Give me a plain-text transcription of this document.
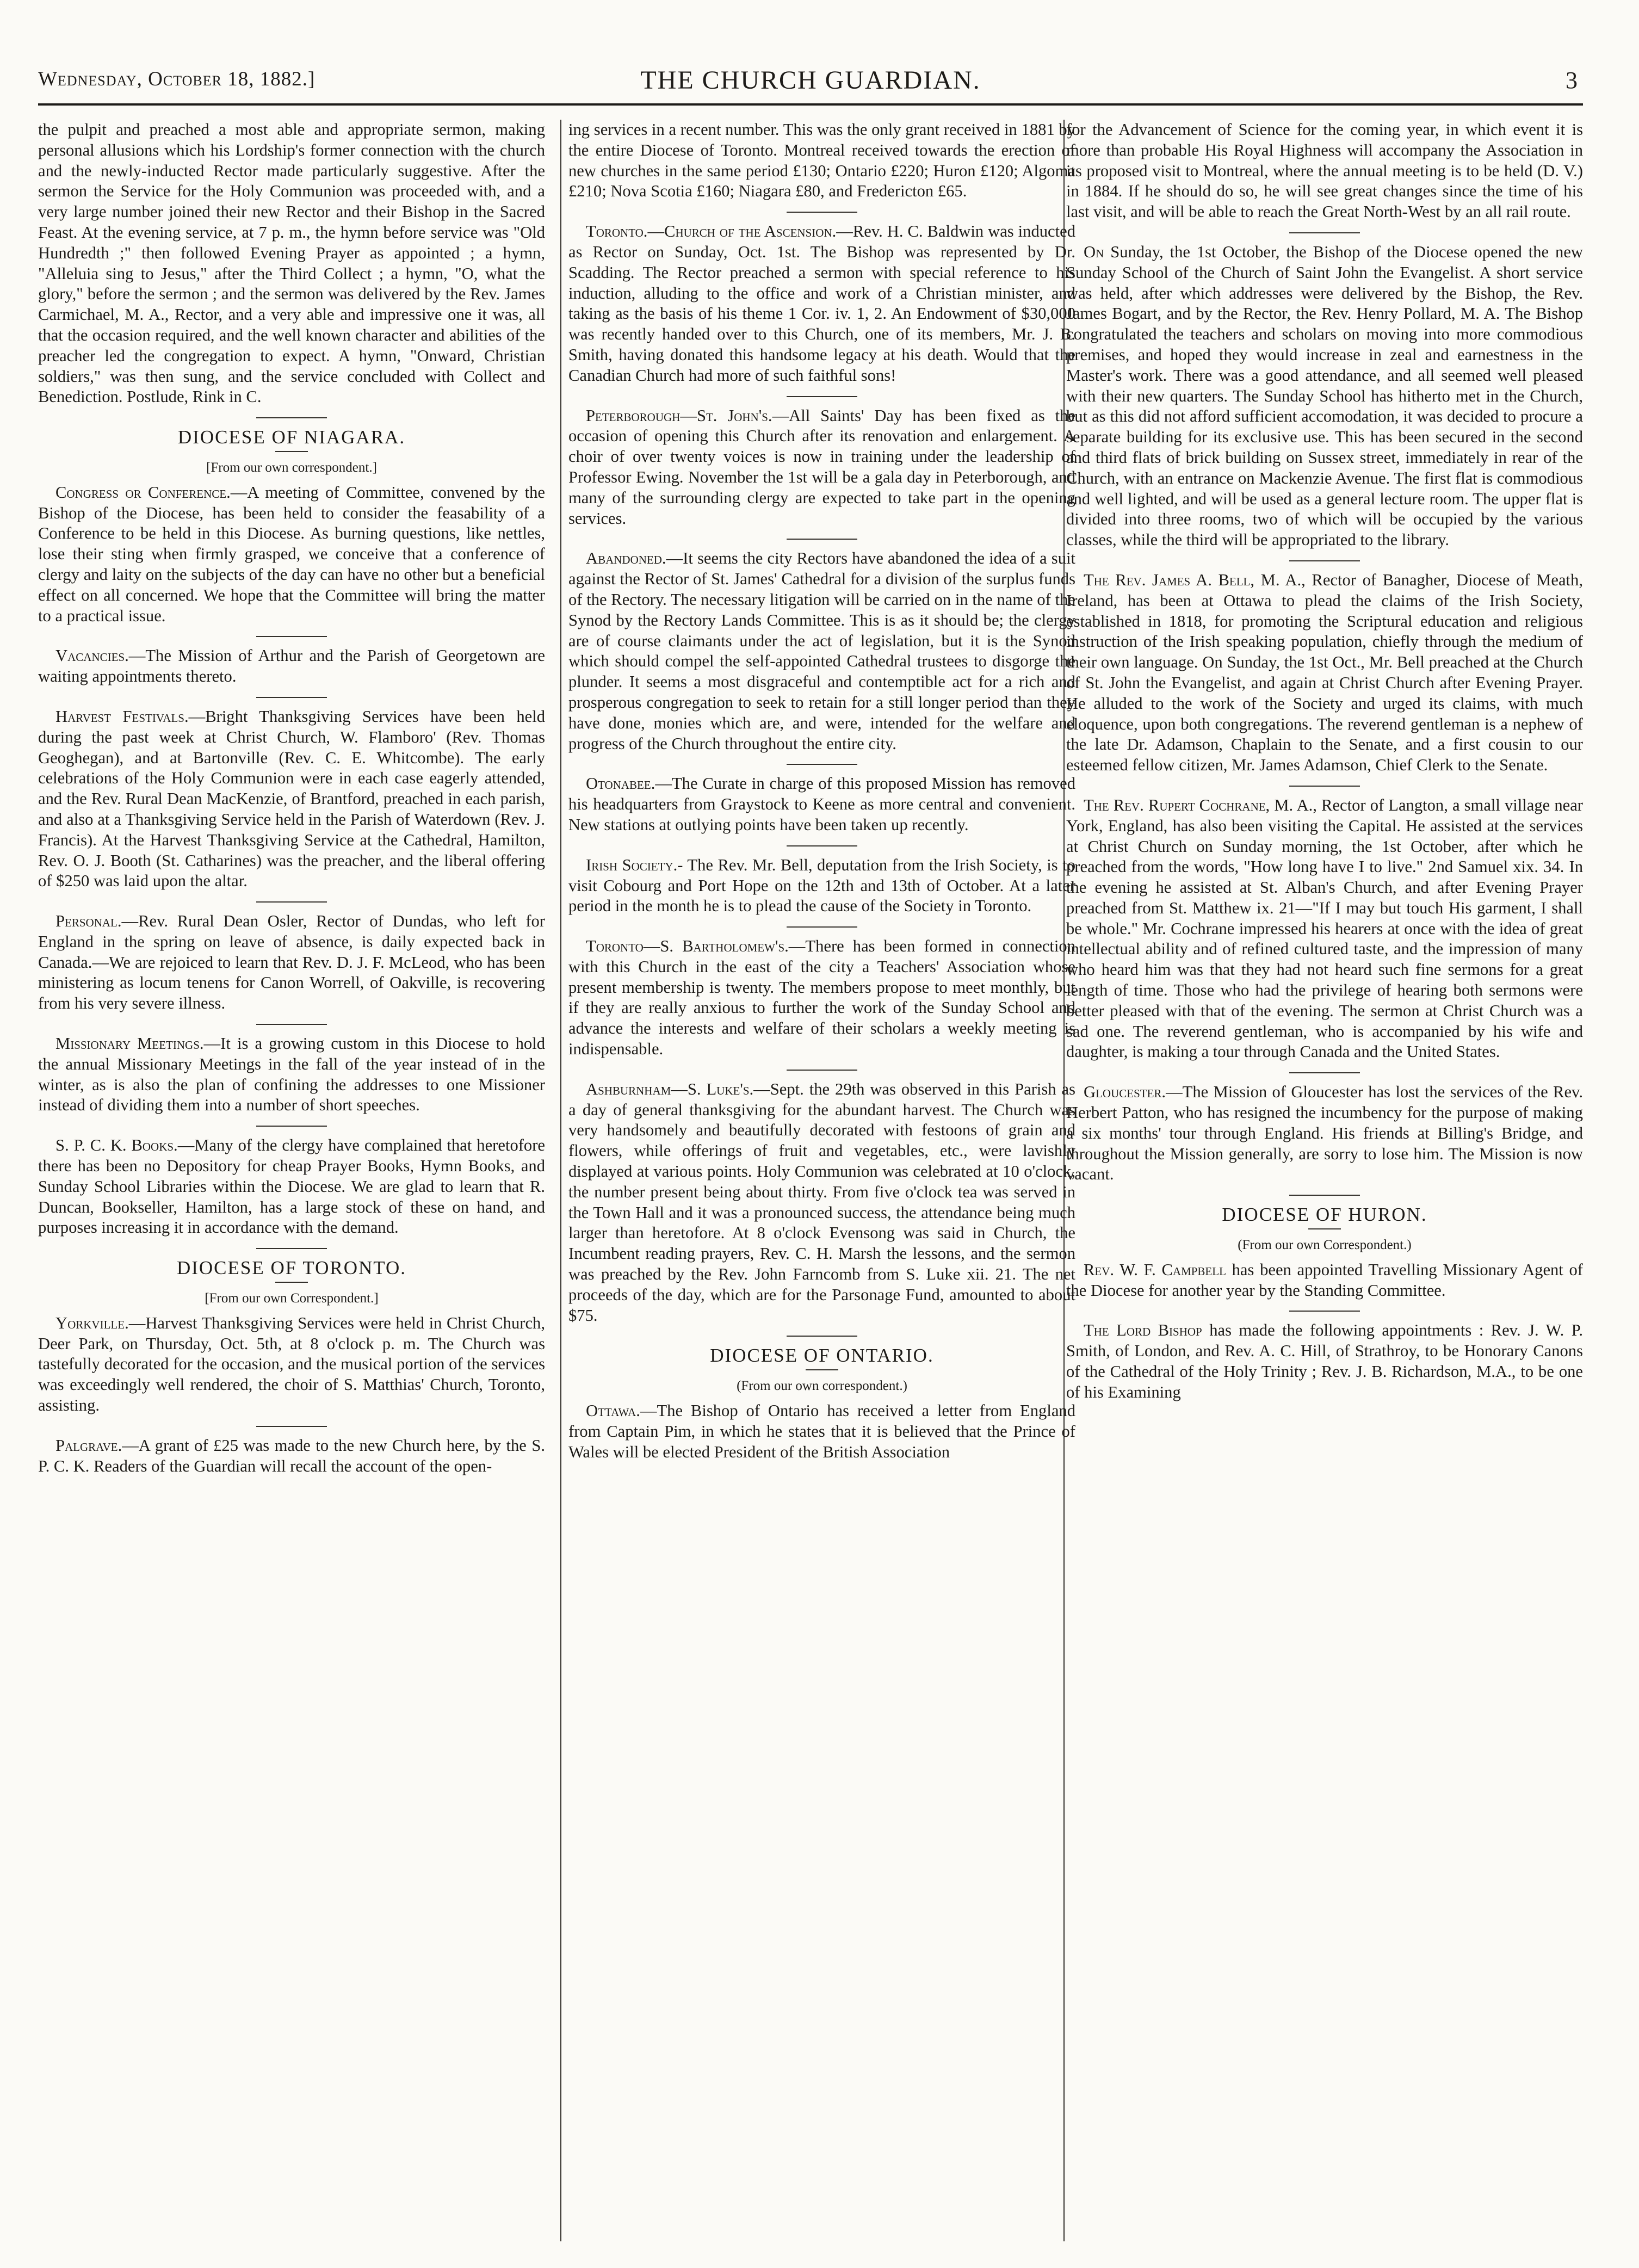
Wednesday, October 18, 1882.]	THE CHURCH GUARDIAN.	3

the pulpit and preached a most able and appropriate sermon, making personal allusions which his Lordship's former connection with the church and the newly-inducted Rector made particularly suggestive. After the sermon the Service for the Holy Communion was proceeded with, and a very large number joined their new Rector and their Bishop in the Sacred Feast. At the evening service, at 7 p. m., the hymn before service was "Old Hundredth ;" then followed Evening Prayer as appointed ; a hymn, "Alleluia sing to Jesus," after the Third Collect ; a hymn, "O, what the glory," before the sermon ; and the sermon was delivered by the Rev. James Carmichael, M. A., Rector, and a very able and impressive one it was, all that the occasion required, and the well known character and abilities of the preacher led the congregation to expect. A hymn, "Onward, Christian soldiers," was then sung, and the service concluded with Collect and Benediction. Postlude, Rink in C.

DIOCESE OF NIAGARA.

[From our own correspondent.]

Congress or Conference.—A meeting of Committee, convened by the Bishop of the Diocese, has been held to consider the feasability of a Conference to be held in this Diocese. As burning questions, like nettles, lose their sting when firmly grasped, we conceive that a conference of clergy and laity on the subjects of the day can have no other but a beneficial effect on all concerned. We hope that the Committee will bring the matter to a practical issue.

Vacancies.—The Mission of Arthur and the Parish of Georgetown are waiting appointments thereto.

Harvest Festivals.—Bright Thanksgiving Services have been held during the past week at Christ Church, W. Flamboro' (Rev. Thomas Geoghegan), and at Bartonville (Rev. C. E. Whitcombe). The early celebrations of the Holy Communion were in each case eagerly attended, and the Rev. Rural Dean MacKenzie, of Brantford, preached in each parish, and also at a Thanksgiving Service held in the Parish of Waterdown (Rev. J. Francis). At the Harvest Thanksgiving Service at the Cathedral, Hamilton, Rev. O. J. Booth (St. Catharines) was the preacher, and the liberal offering of $250 was laid upon the altar.

Personal.—Rev. Rural Dean Osler, Rector of Dundas, who left for England in the spring on leave of absence, is daily expected back in Canada.—We are rejoiced to learn that Rev. D. J. F. McLeod, who has been ministering as locum tenens for Canon Worrell, of Oakville, is recovering from his very severe illness.

Missionary Meetings.—It is a growing custom in this Diocese to hold the annual Missionary Meetings in the fall of the year instead of in the winter, as is also the plan of confining the addresses to one Missioner instead of dividing them into a number of short speeches.

S. P. C. K. Books.—Many of the clergy have complained that heretofore there has been no Depository for cheap Prayer Books, Hymn Books, and Sunday School Libraries within the Diocese. We are glad to learn that R. Duncan, Bookseller, Hamilton, has a large stock of these on hand, and purposes increasing it in accordance with the demand.

DIOCESE OF TORONTO.

[From our own Correspondent.]

Yorkville.—Harvest Thanksgiving Services were held in Christ Church, Deer Park, on Thursday, Oct. 5th, at 8 o'clock p. m. The Church was tastefully decorated for the occasion, and the musical portion of the services was exceedingly well rendered, the choir of S. Matthias' Church, Toronto, assisting.

Palgrave.—A grant of £25 was made to the new Church here, by the S. P. C. K. Readers of the Guardian will recall the account of the open-

ing services in a recent number. This was the only grant received in 1881 by the entire Diocese of Toronto. Montreal received towards the erection of new churches in the same period £130; Ontario £220; Huron £120; Algoma £210; Nova Scotia £160; Niagara £80, and Fredericton £65.

Toronto.—Church of the Ascension.—Rev. H. C. Baldwin was inducted as Rector on Sunday, Oct. 1st. The Bishop was represented by Dr. Scadding. The Rector preached a sermon with special reference to his induction, alluding to the office and work of a Christian minister, and taking as the basis of his theme 1 Cor. iv. 1, 2. An Endowment of $30,000 was recently handed over to this Church, one of its members, Mr. J. B. Smith, having donated this handsome legacy at his death. Would that the Canadian Church had more of such faithful sons!

Peterborough—St. John's.—All Saints' Day has been fixed as the occasion of opening this Church after its renovation and enlargement. A choir of over twenty voices is now in training under the leadership of Professor Ewing. November the 1st will be a gala day in Peterborough, and many of the surrounding clergy are expected to take part in the opening services.

Abandoned.—It seems the city Rectors have abandoned the idea of a suit against the Rector of St. James' Cathedral for a division of the surplus funds of the Rectory. The necessary litigation will be carried on in the name of the Synod by the Rectory Lands Committee. This is as it should be; the clergy are of course claimants under the act of legislation, but it is the Synod which should compel the self-appointed Cathedral trustees to disgorge the plunder. It seems a most disgraceful and contemptible act for a rich and prosperous congregation to seek to retain for a still longer period than they have done, monies which are, and were, intended for the welfare and progress of the Church throughout the entire city.

Otonabee.—The Curate in charge of this proposed Mission has removed his headquarters from Graystock to Keene as more central and convenient. New stations at outlying points have been taken up recently.

Irish Society.- The Rev. Mr. Bell, deputation from the Irish Society, is to visit Cobourg and Port Hope on the 12th and 13th of October. At a later period in the month he is to plead the cause of the Society in Toronto.

Toronto—S. Bartholomew's.—There has been formed in connection with this Church in the east of the city a Teachers' Association whose present membership is twenty. The members propose to meet monthly, but if they are really anxious to further the work of the Sunday School and advance the interests and welfare of their scholars a weekly meeting is indispensable.

Ashburnham—S. Luke's.—Sept. the 29th was observed in this Parish as a day of general thanksgiving for the abundant harvest. The Church was very handsomely and beautifully decorated with festoons of grain and flowers, while offerings of fruit and vegetables, etc., were lavishly displayed at various points. Holy Communion was celebrated at 10 o'clock, the number present being about thirty. From five o'clock tea was served in the Town Hall and it was a pronounced success, the attendance being much larger than heretofore. At 8 o'clock Evensong was said in Church, the Incumbent reading prayers, Rev. C. H. Marsh the lessons, and the sermon was preached by the Rev. John Farncomb from S. Luke xii. 21. The net proceeds of the day, which are for the Parsonage Fund, amounted to about $75.

DIOCESE OF ONTARIO.

(From our own correspondent.)

Ottawa.—The Bishop of Ontario has received a letter from England from Captain Pim, in which he states that it is believed that the Prince of Wales will be elected President of the British Association

for the Advancement of Science for the coming year, in which event it is more than probable His Royal Highness will accompany the Association in its proposed visit to Montreal, where the annual meeting is to be held (D. V.) in 1884. If he should do so, he will see great changes since the time of his last visit, and will be able to reach the Great North-West by an all rail route.

On Sunday, the 1st October, the Bishop of the Diocese opened the new Sunday School of the Church of Saint John the Evangelist. A short service was held, after which addresses were delivered by the Bishop, the Rev. James Bogart, and by the Rector, the Rev. Henry Pollard, M. A. The Bishop congratulated the teachers and scholars on moving into more commodious premises, and hoped they would increase in zeal and earnestness in the Master's work. There was a good attendance, and all seemed well pleased with their new quarters. The Sunday School has hitherto met in the Church, but as this did not afford sufficient accomodation, it was decided to procure a separate building for its exclusive use. This has been secured in the second and third flats of brick building on Sussex street, immediately in rear of the Church, with an entrance on Mackenzie Avenue. The first flat is commodious and well lighted, and will be used as a general lecture room. The upper flat is divided into three rooms, two of which will be occupied by the various classes, while the third will be appropriated to the library.

The Rev. James A. Bell, M. A., Rector of Banagher, Diocese of Meath, Ireland, has been at Ottawa to plead the claims of the Irish Society, established in 1818, for promoting the Scriptural education and religious instruction of the Irish speaking population, chiefly through the medium of their own language. On Sunday, the 1st Oct., Mr. Bell preached at the Church of St. John the Evangelist, and again at Christ Church after Evening Prayer. He alluded to the work of the Society and urged its claims, with much eloquence, upon both congregations. The reverend gentleman is a nephew of the late Dr. Adamson, Chaplain to the Senate, and a first cousin to our esteemed fellow citizen, Mr. James Adamson, Chief Clerk to the Senate.

The Rev. Rupert Cochrane, M. A., Rector of Langton, a small village near York, England, has also been visiting the Capital. He assisted at the services at Christ Church on Sunday morning, the 1st October, after which he preached from the words, "How long have I to live." 2nd Samuel xix. 34. In the evening he assisted at St. Alban's Church, and after Evening Prayer preached from St. Matthew ix. 21—"If I may but touch His garment, I shall be whole." Mr. Cochrane impressed his hearers at once with the idea of great intellectual ability and of refined cultured taste, and the impression of many who heard him was that they had not heard such fine sermons for a great length of time. Those who had the privilege of hearing both sermons were better pleased with that of the evening. The sermon at Christ Church was a sad one. The reverend gentleman, who is accompanied by his wife and daughter, is making a tour through Canada and the United States.

Gloucester.—The Mission of Gloucester has lost the services of the Rev. Herbert Patton, who has resigned the incumbency for the purpose of making a six months' tour through England. His friends at Billing's Bridge, and throughout the Mission generally, are sorry to lose him. The Mission is now vacant.

DIOCESE OF HURON.

(From our own Correspondent.)

Rev. W. F. Campbell has been appointed Travelling Missionary Agent of the Diocese for another year by the Standing Committee.

The Lord Bishop has made the following appointments : Rev. J. W. P. Smith, of London, and Rev. A. C. Hill, of Strathroy, to be Honorary Canons of the Cathedral of the Holy Trinity ; Rev. J. B. Richardson, M.A., to be one of his Examining
